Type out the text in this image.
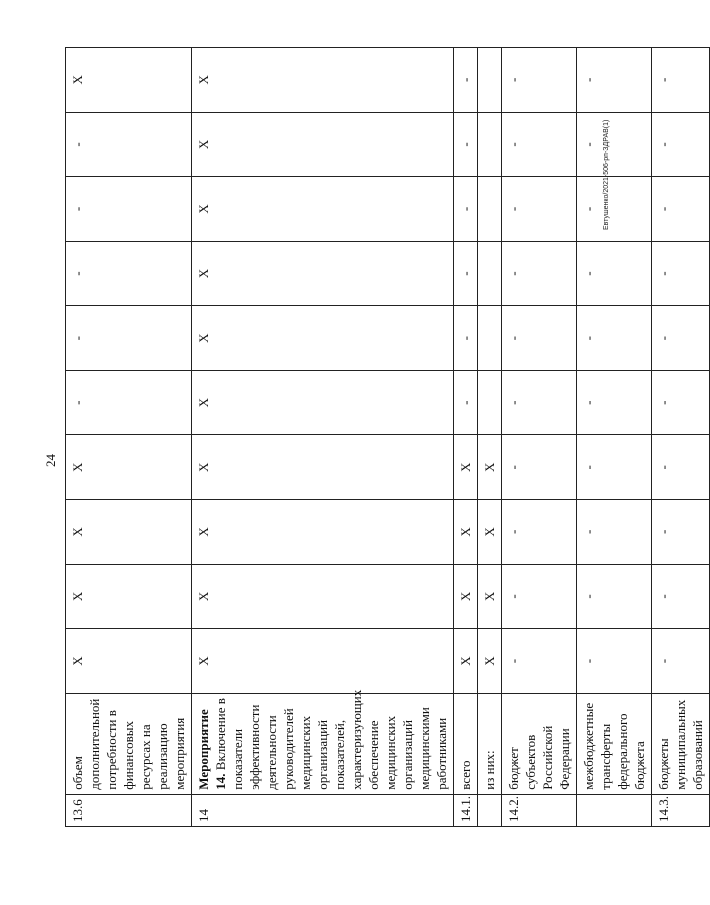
24
13.6	объем дополнительной потребности в финансовых ресурсах на реализацию мероприятия	X	X	X	X	-	-	-	-	-	X
14	Мероприятие 14. Включение в показатели эффективности деятельности руководителей медицинских организаций показателей, характеризующих обеспечение медицинских организаций медицинскими работниками	X	X	X	X	X	X	X	X	X	X
14.1.	всего	X	X	X	X	-	-	-	-	-	-
	из них:	X	X	X	X						
14.2.	бюджет субъектов Российской Федерации	-	-	-	-	-	-	-	-	-	-
	межбюджетные трансферты федерального бюджета	-	-	-	-	-	-	-	-	-	-
14.3.	бюджеты муниципальных образований	-	-	-	-	-	-	-	-	-	-
Евтушенко/2021-506-рп-ЗДРАВ(1)
